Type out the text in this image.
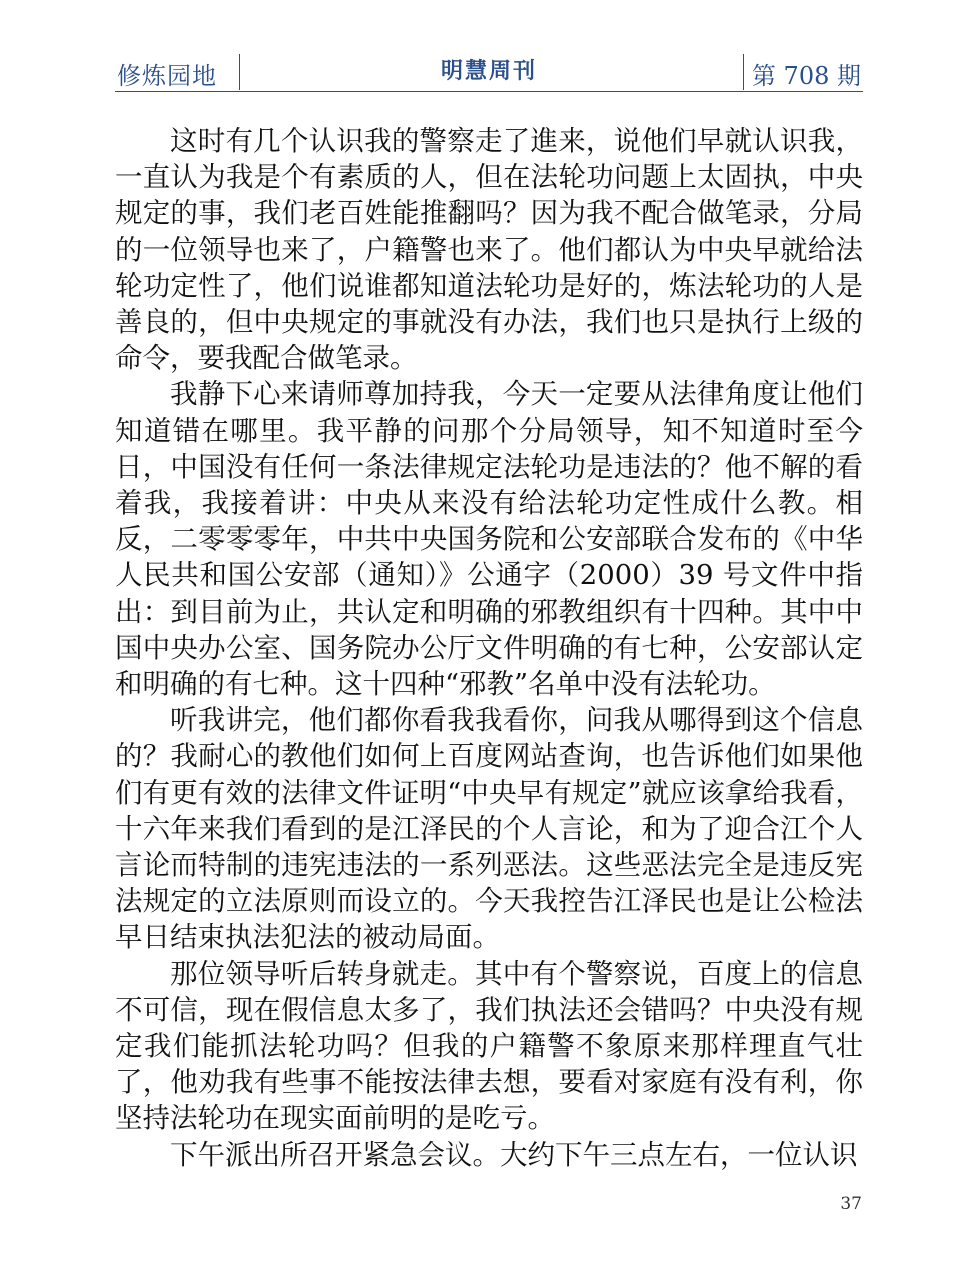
修炼园地	明慧周刊	第 708 期

这时有几个认识我的警察走了進来，说他们早就认识我，一直认为我是个有素质的人，但在法轮功问题上太固执，中央规定的事，我们老百姓能推翻吗？因为我不配合做笔录，分局的一位领导也来了，户籍警也来了。他们都认为中央早就给法轮功定性了，他们说谁都知道法轮功是好的，炼法轮功的人是善良的，但中央规定的事就没有办法，我们也只是执行上级的命令，要我配合做笔录。

我静下心来请师尊加持我，今天一定要从法律角度让他们知道错在哪里。我平静的问那个分局领导，知不知道时至今日，中国没有任何一条法律规定法轮功是违法的？他不解的看着我，我接着讲：中央从来没有给法轮功定性成什么教。相反，二零零零年，中共中央国务院和公安部联合发布的《中华人民共和国公安部（通知）》公通字（2000）39 号文件中指出：到目前为止，共认定和明确的邪教组织有十四种。其中中国中央办公室、国务院办公厅文件明确的有七种，公安部认定和明确的有七种。这十四种“邪教”名单中没有法轮功。

听我讲完，他们都你看我我看你，问我从哪得到这个信息的？我耐心的教他们如何上百度网站查询，也告诉他们如果他们有更有效的法律文件证明“中央早有规定”就应该拿给我看，十六年来我们看到的是江泽民的个人言论，和为了迎合江个人言论而特制的违宪违法的一系列恶法。这些恶法完全是违反宪法规定的立法原则而设立的。今天我控告江泽民也是让公检法早日结束执法犯法的被动局面。

那位领导听后转身就走。其中有个警察说，百度上的信息不可信，现在假信息太多了，我们执法还会错吗？中央没有规定我们能抓法轮功吗？但我的户籍警不象原来那样理直气壮了，他劝我有些事不能按法律去想，要看对家庭有没有利，你坚持法轮功在现实面前明的是吃亏。

下午派出所召开紧急会议。大约下午三点左右，一位认识

37
